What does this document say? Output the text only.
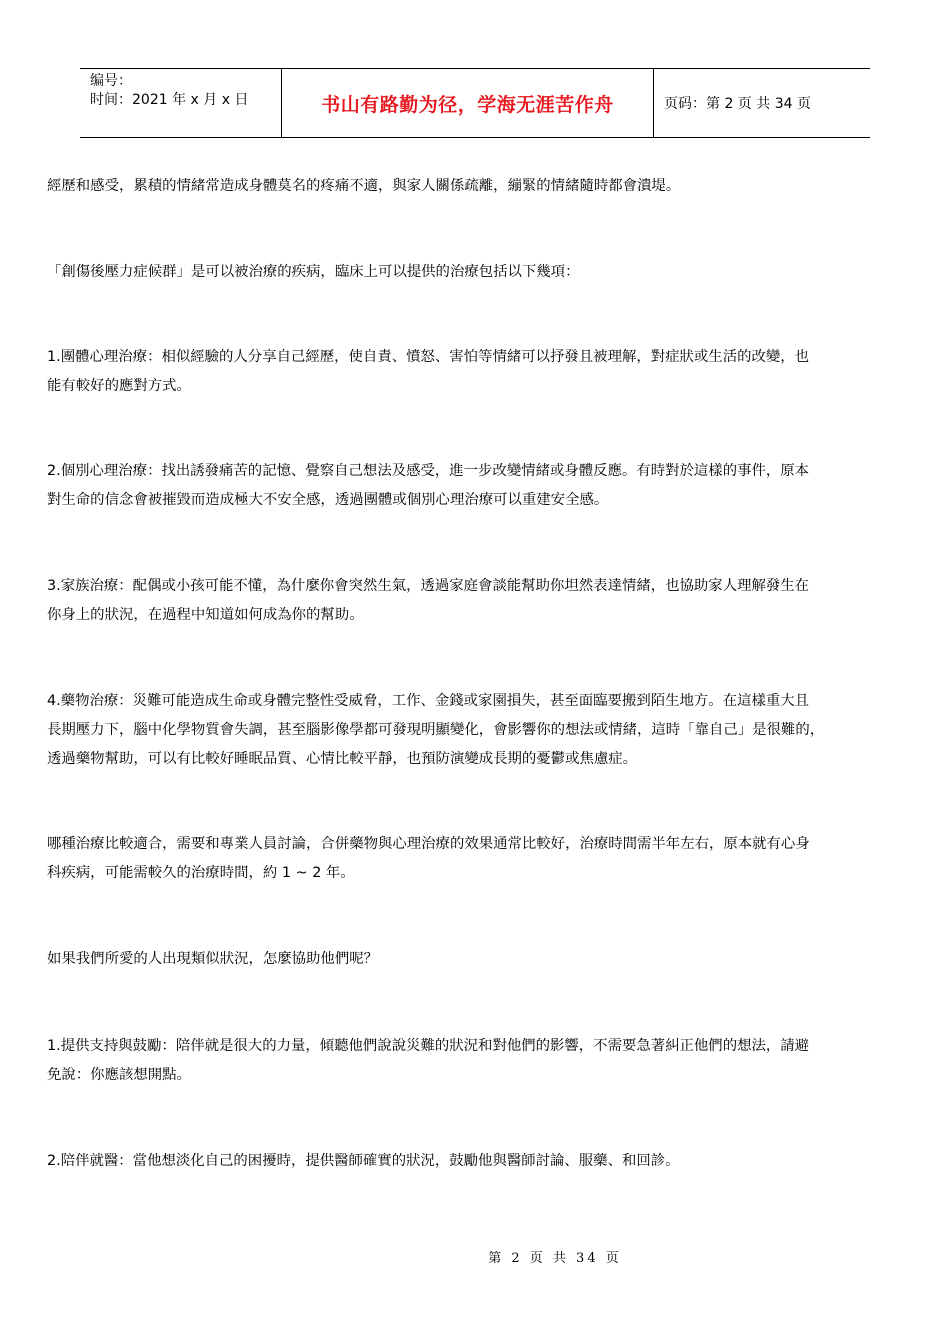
编号：
时间：2021 年 x 月 x 日	书山有路勤为径，学海无涯苦作舟	页码：第 2 页 共 34 页
經歷和感受，累積的情緒常造成身體莫名的疼痛不適，與家人關係疏離，繃緊的情緒隨時都會潰堤。
「創傷後壓力症候群」是可以被治療的疾病，臨床上可以提供的治療包括以下幾項：
1.團體心理治療：相似經驗的人分享自己經歷，使自責、憤怒、害怕等情緒可以抒發且被理解，對症狀或生活的改變，也
能有較好的應對方式。
2.個別心理治療：找出誘發痛苦的記憶、覺察自己想法及感受，進一步改變情緒或身體反應。有時對於這樣的事件，原本
對生命的信念會被摧毀而造成極大不安全感，透過團體或個別心理治療可以重建安全感。
3.家族治療：配偶或小孩可能不懂，為什麼你會突然生氣，透過家庭會談能幫助你坦然表達情緒，也協助家人理解發生在
你身上的狀況，在過程中知道如何成為你的幫助。
4.藥物治療：災難可能造成生命或身體完整性受威脅，工作、金錢或家園損失，甚至面臨要搬到陌生地方。在這樣重大且
長期壓力下，腦中化學物質會失調，甚至腦影像學都可發現明顯變化，會影響你的想法或情緒，這時「靠自己」是很難的，
透過藥物幫助，可以有比較好睡眠品質、心情比較平靜，也預防演變成長期的憂鬱或焦慮症。
哪種治療比較適合，需要和專業人員討論，合併藥物與心理治療的效果通常比較好，治療時間需半年左右，原本就有心身
科疾病，可能需較久的治療時間，約 1 ~ 2 年。
如果我們所愛的人出現類似狀況，怎麼協助他們呢？
1.提供支持與鼓勵：陪伴就是很大的力量，傾聽他們說說災難的狀況和對他們的影響，不需要急著糾正他們的想法，請避
免說：你應該想開點。
2.陪伴就醫：當他想淡化自己的困擾時，提供醫師確實的狀況，鼓勵他與醫師討論、服藥、和回診。
第 2 页 共 34 页
